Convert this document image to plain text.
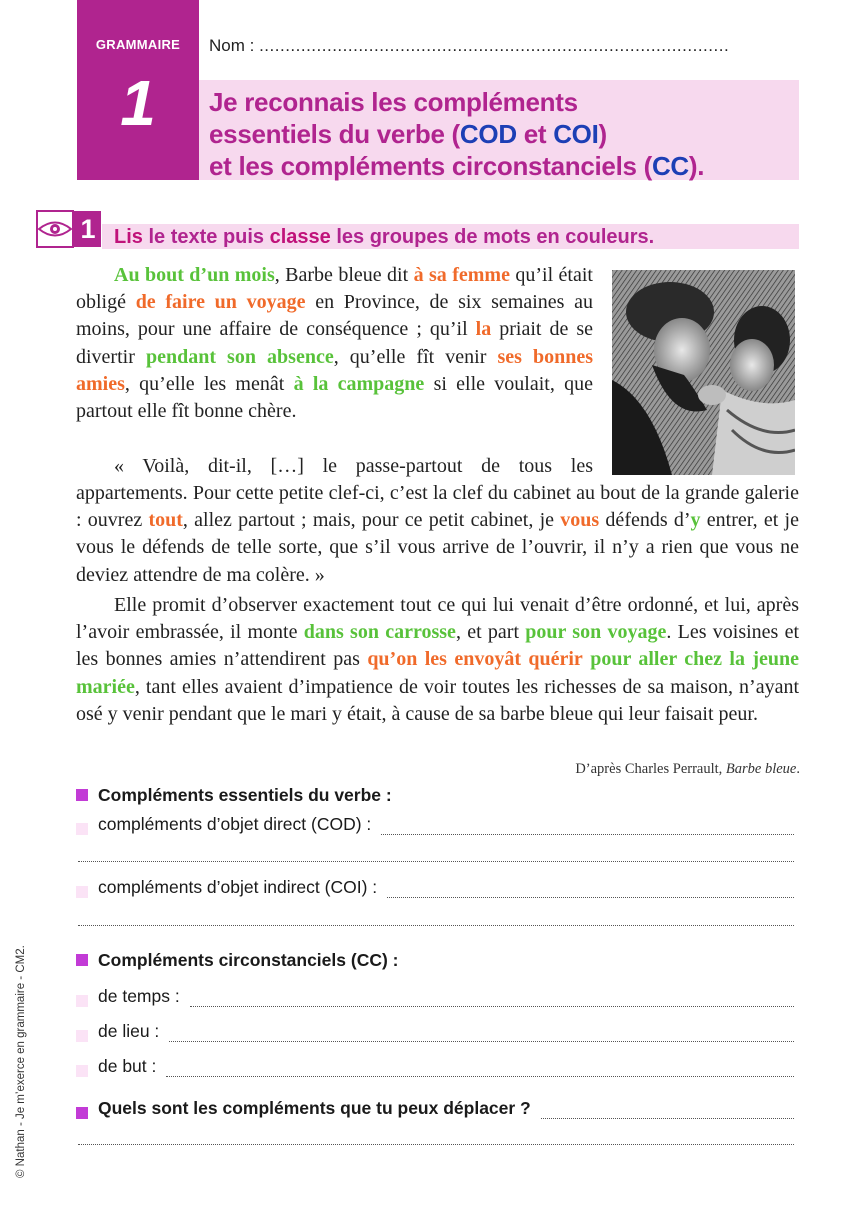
GRAMMAIRE
1
Nom : ..........................................................................................
Je reconnais les compléments
essentiels du verbe (COD et COI)
et les compléments circonstanciels (CC).
1 Lis le texte puis classe les groupes de mots en couleurs.
Au bout d’un mois, Barbe bleue dit à sa femme qu’il était obligé de faire un voyage en Province, de six semaines au moins, pour une affaire de conséquence ; qu’il la priait de se divertir pendant son absence, qu’elle fît venir ses bonnes amies, qu’elle les menât à la campagne si elle voulait, que partout elle fît bonne chère.
« Voilà, dit-il, […] le passe-partout de tous les
appartements. Pour cette petite clef-ci, c’est la clef du cabinet au bout de la grande galerie : ouvrez tout, allez partout ; mais, pour ce petit cabinet, je vous défends d’y entrer, et je vous le défends de telle sorte, que s’il vous arrive de l’ouvrir, il n’y a rien que vous ne deviez attendre de ma colère. »
Elle promit d’observer exactement tout ce qui lui venait d’être ordonné, et lui, après l’avoir embrassée, il monte dans son carrosse, et part pour son voyage. Les voisines et les bonnes amies n’attendirent pas qu’on les envoyât quérir pour aller chez la jeune mariée, tant elles avaient d’impatience de voir toutes les richesses de sa maison, n’ayant osé y venir pendant que le mari y était, à cause de sa barbe bleue qui leur faisait peur.
D’après Charles Perrault, Barbe bleue.
Compléments essentiels du verbe :
compléments d’objet direct (COD) :
compléments d’objet indirect (COI) :
Compléments circonstanciels (CC) :
de temps :
de lieu :
de but :
Quels sont les compléments que tu peux déplacer ?
© Nathan - Je m’exerce en grammaire - CM2.
